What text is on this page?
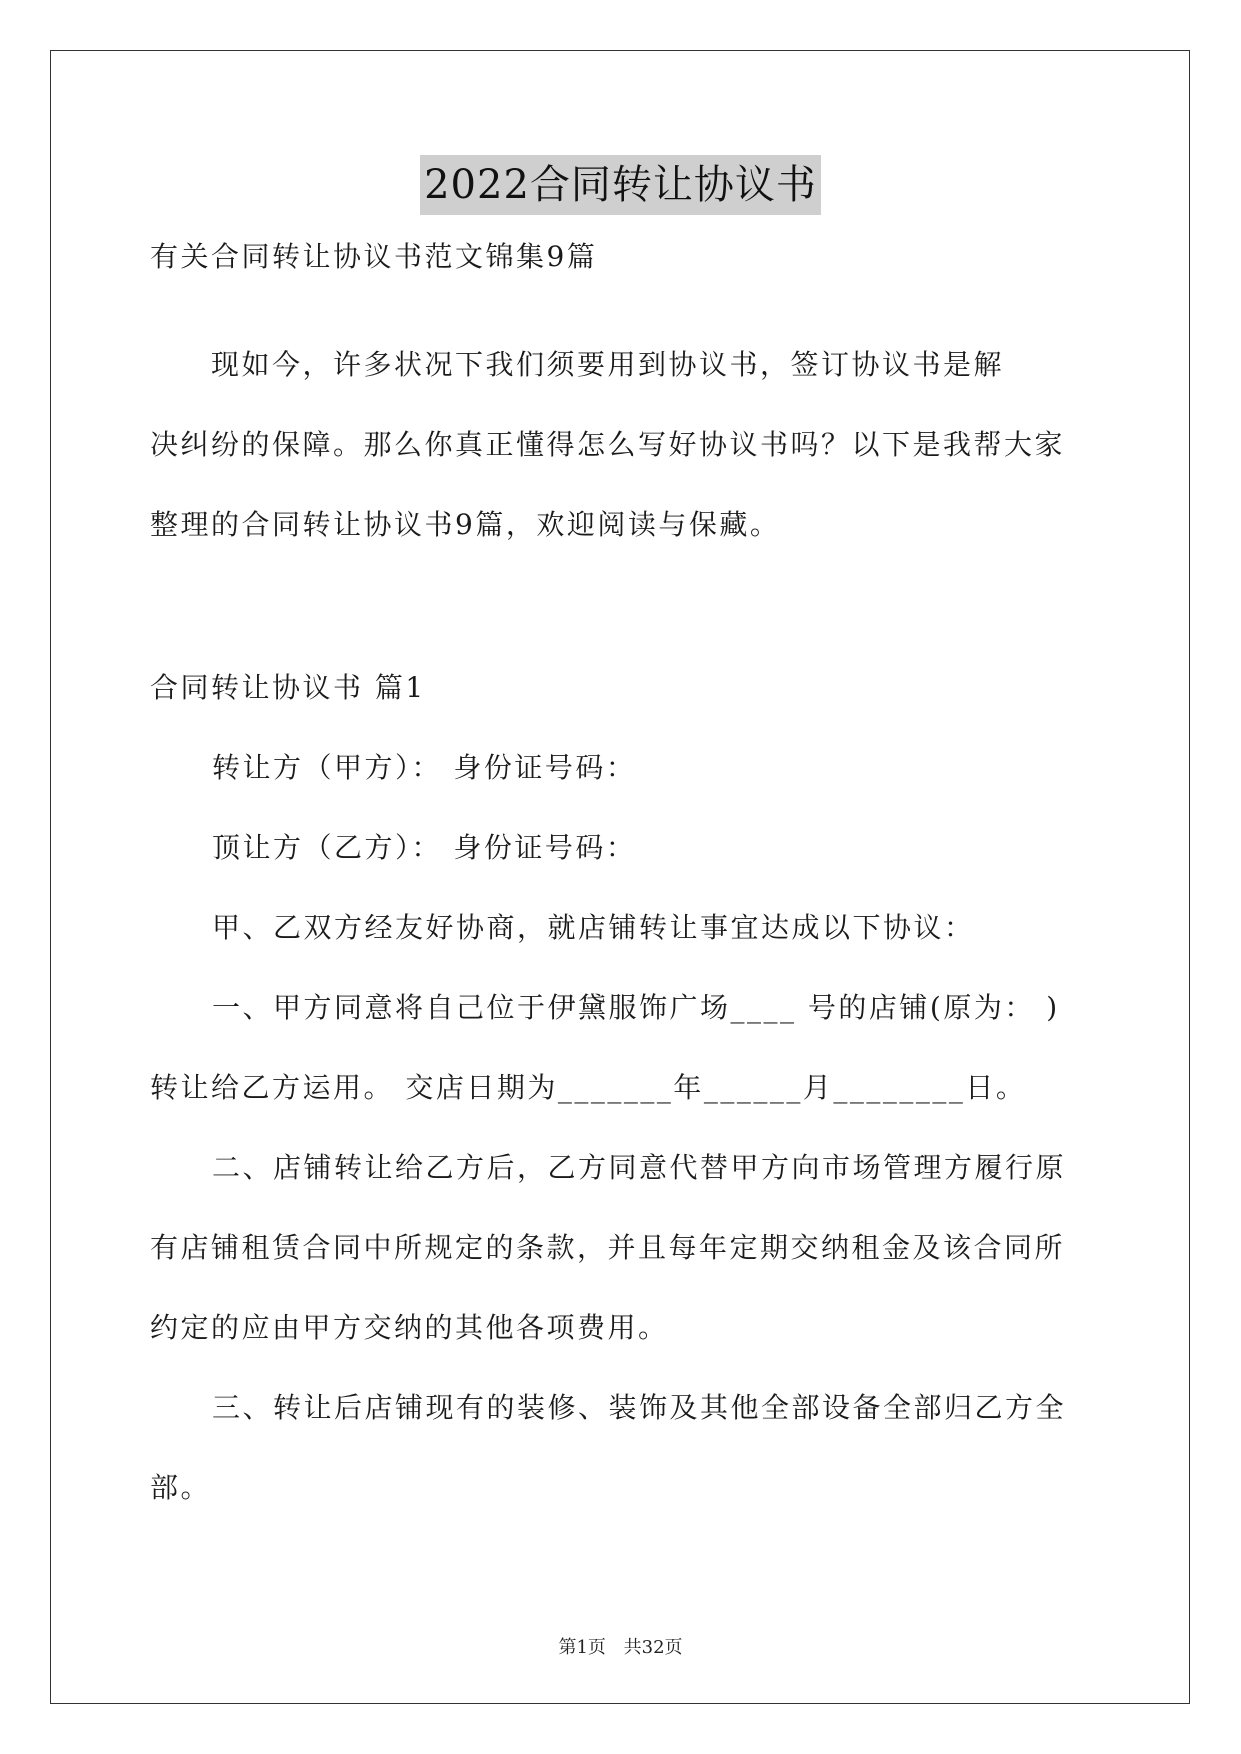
2022合同转让协议书
有关合同转让协议书范文锦集9篇
　　现如今，许多状况下我们须要用到协议书，签订协议书是解
决纠纷的保障。那么你真正懂得怎么写好协议书吗？以下是我帮大家
整理的合同转让协议书9篇，欢迎阅读与保藏。
合同转让协议书 篇1
转让方（甲方）： 身份证号码：
顶让方（乙方）： 身份证号码：
甲、乙双方经友好协商，就店铺转让事宜达成以下协议：
一、甲方同意将自己位于伊黛服饰广场____ 号的店铺(原为： )
转让给乙方运用。 交店日期为_______年______月________日。
二、店铺转让给乙方后，乙方同意代替甲方向市场管理方履行原
有店铺租赁合同中所规定的条款，并且每年定期交纳租金及该合同所
约定的应由甲方交纳的其他各项费用。
三、转让后店铺现有的装修、装饰及其他全部设备全部归乙方全
部。
第1页 共32页
